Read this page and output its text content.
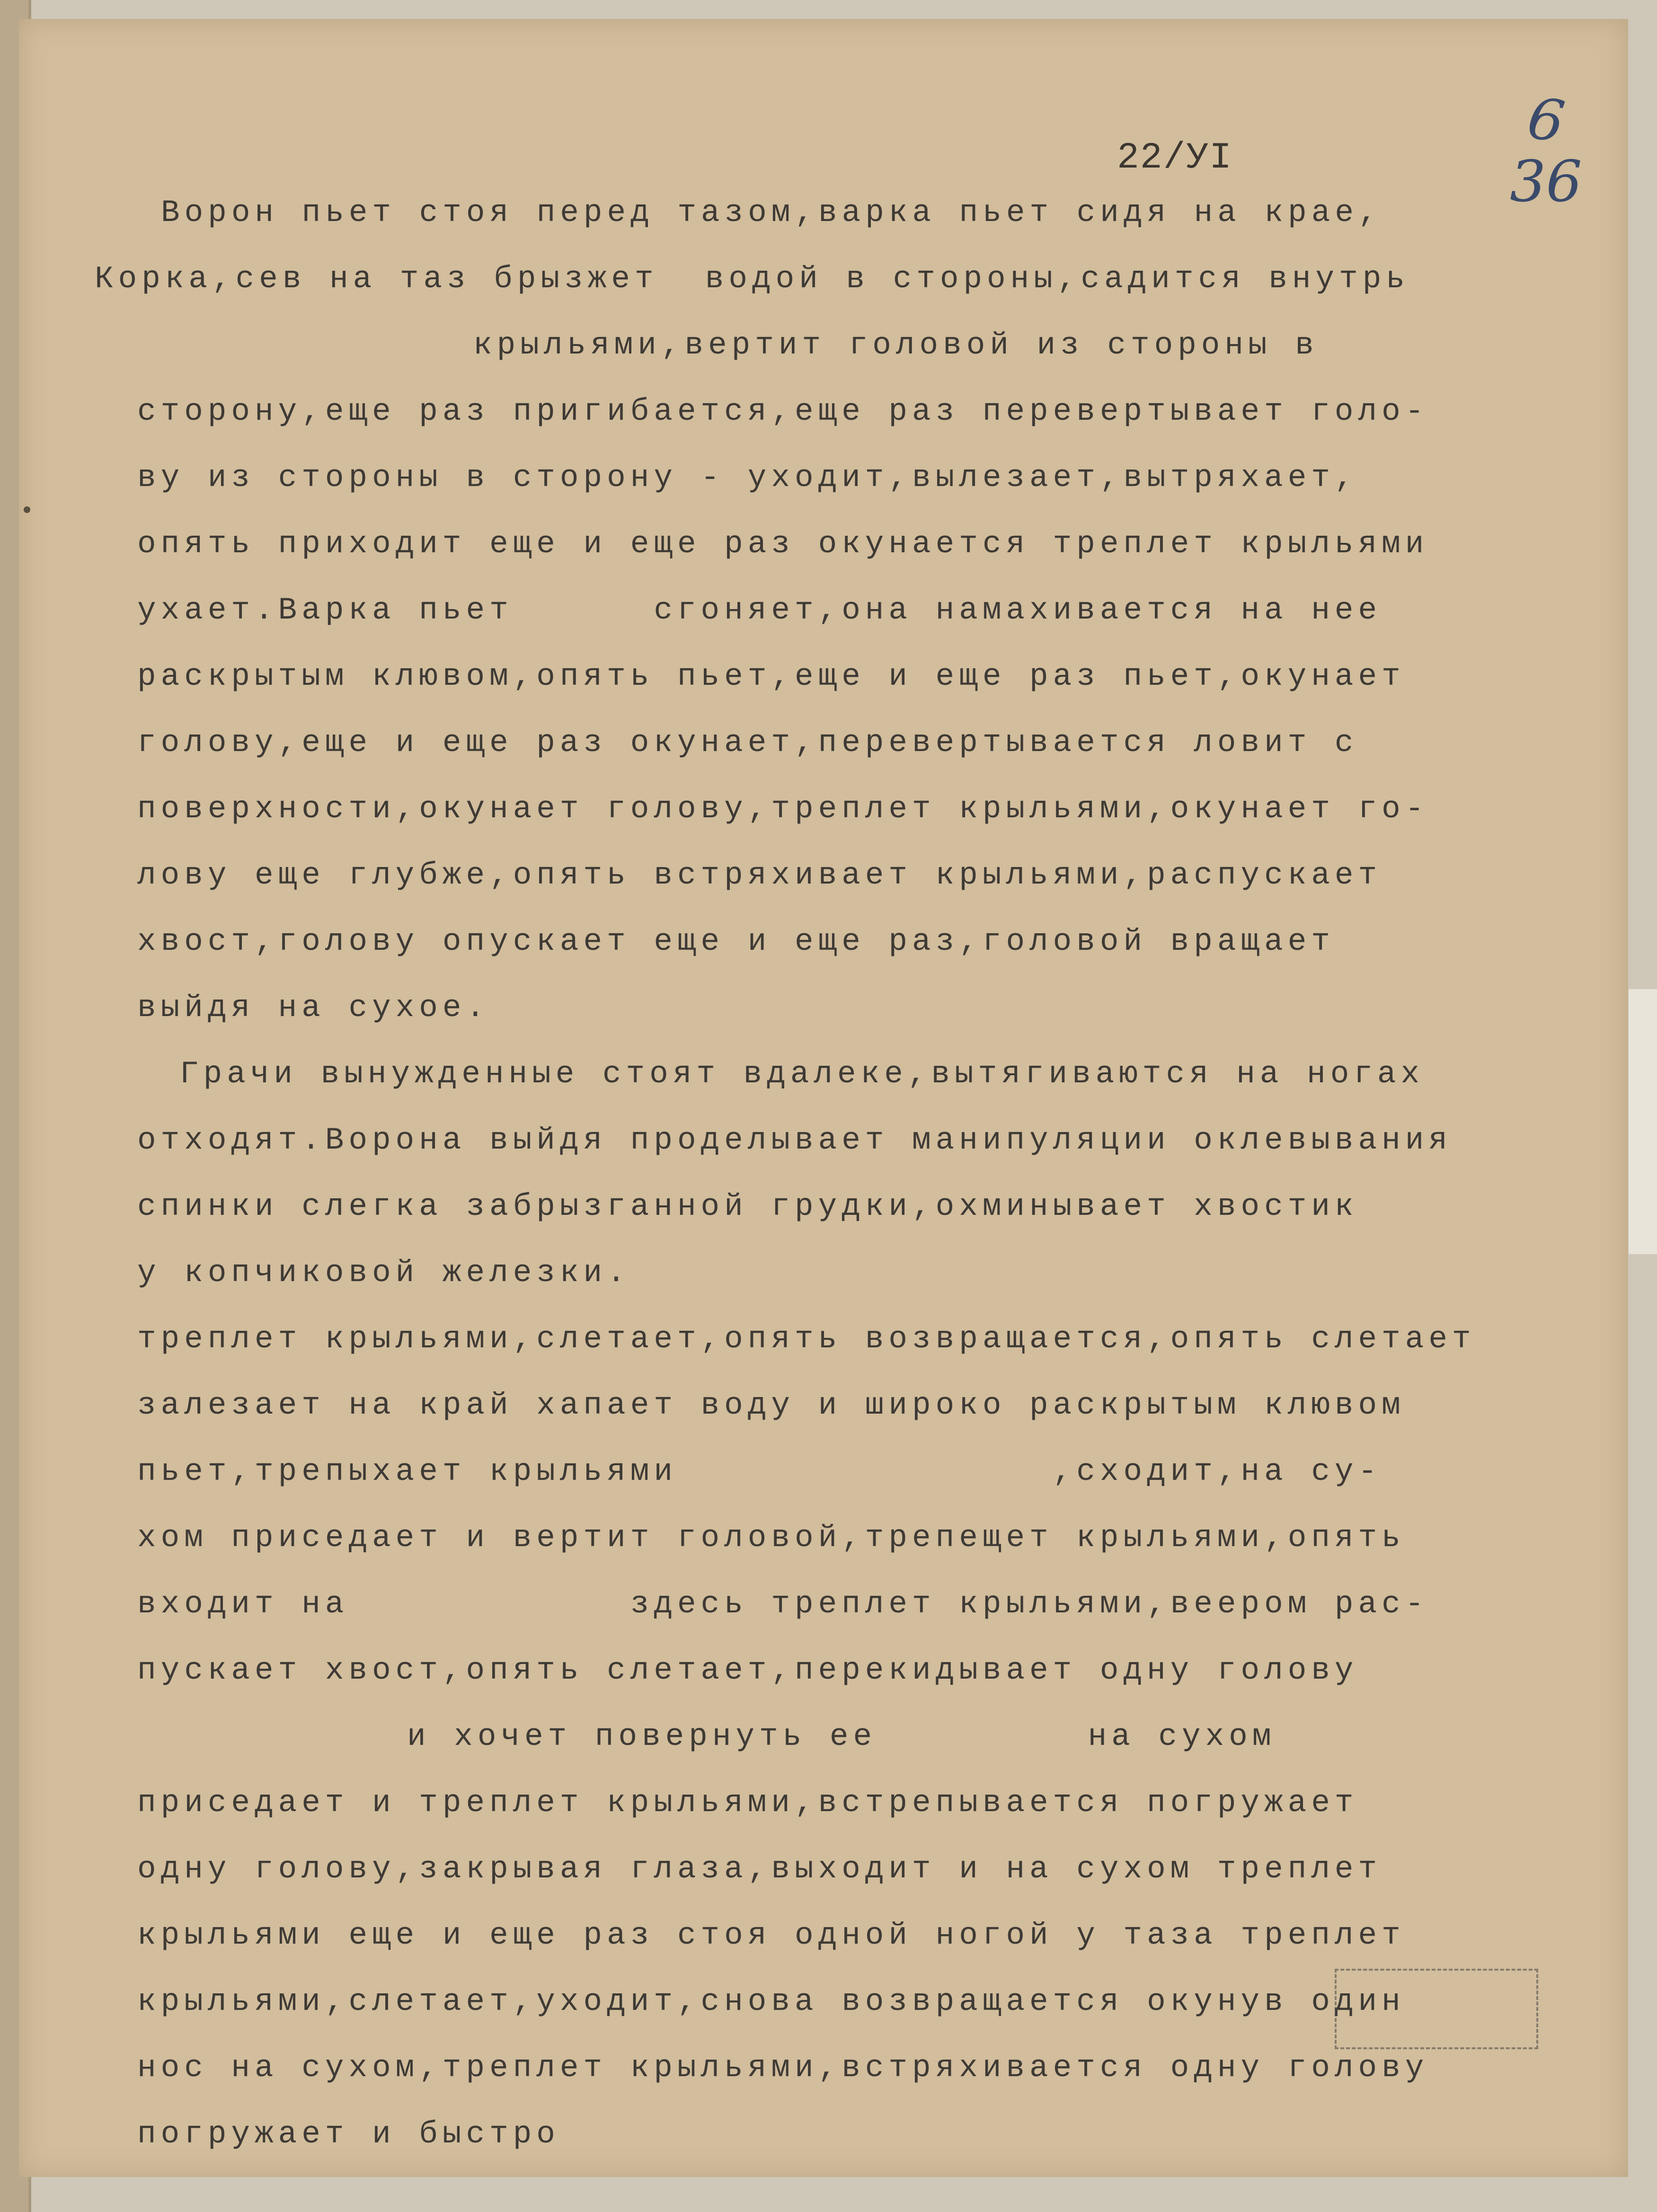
6
36
22/УI
Ворон пьет стоя перед тазом,варка пьет сидя на крае,
Корка,сев на таз брызжет  водой в стороны,садится внутрь
крыльями,вертит головой из стороны в
сторону,еще раз пригибается,еще раз перевертывает голо-
ву из стороны в сторону - уходит,вылезает,вытряхает,
опять приходит еще и еще раз окунается треплет крыльями
ухает.Варка пьет      сгоняет,она намахивается на нее
раскрытым клювом,опять пьет,еще и еще раз пьет,окунает
голову,еще и еще раз окунает,перевертывается ловит с
поверхности,окунает голову,треплет крыльями,окунает го-
лову еще глубже,опять встряхивает крыльями,распускает
хвост,голову опускает еще и еще раз,головой вращает
выйдя на сухое.
Грачи вынужденные стоят вдалеке,вытягиваются на ногах
отходят.Ворона выйдя проделывает манипуляции оклевывания
спинки слегка забрызганной грудки,охминывает хвостик
у копчиковой железки.
треплет крыльями,слетает,опять возвращается,опять слетает
залезает на край хапает воду и широко раскрытым клювом
пьет,трепыхает крыльями                ,сходит,на су-
хом приседает и вертит головой,трепещет крыльями,опять
входит на            здесь треплет крыльями,веером рас-
пускает хвост,опять слетает,перекидывает одну голову
и хочет повернуть ее         на сухом
приседает и треплет крыльями,встрепывается погружает
одну голову,закрывая глаза,выходит и на сухом треплет
крыльями еще и еще раз стоя одной ногой у таза треплет
крыльями,слетает,уходит,снова возвращается окунув один
нос на сухом,треплет крыльями,встряхивается одну голову
погружает и быстро
